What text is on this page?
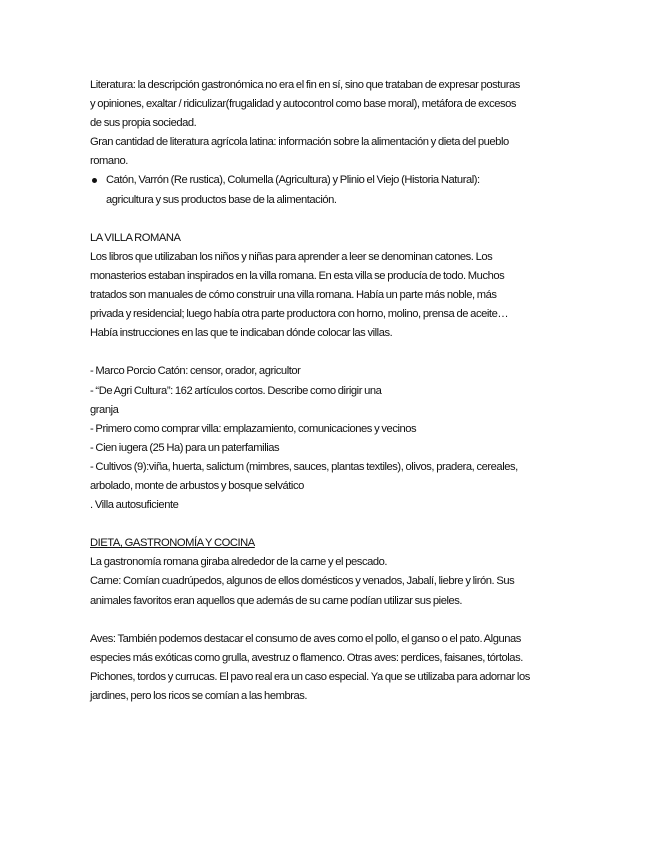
Literatura: la descripción gastronómica no era el fin en sí, sino que trataban de expresar posturas
y opiniones, exaltar / ridiculizar(frugalidad y autocontrol como base moral), metáfora de excesos
de sus propia sociedad.
Gran cantidad de literatura agrícola latina: información sobre la alimentación y dieta del pueblo
romano.
Catón, Varrón (Re rustica), Columella (Agricultura) y Plinio el Viejo (Historia Natural):
agricultura y sus productos base de la alimentación.
LA VILLA ROMANA
Los libros que utilizaban los niños y niñas para aprender a leer se denominan catones. Los
monasterios estaban inspirados en la villa romana. En esta villa se producía de todo. Muchos
tratados son manuales de cómo construir una villa romana. Había un parte más noble, más
privada y residencial; luego había otra parte productora con horno, molino, prensa de aceite…
Había instrucciones en las que te indicaban dónde colocar las villas.
- Marco Porcio Catón: censor, orador, agricultor
- “De Agri Cultura”: 162 artículos cortos. Describe como dirigir una
granja
- Primero como comprar villa: emplazamiento, comunicaciones y vecinos
- Cien iugera (25 Ha) para un paterfamilias
- Cultivos (9):viña, huerta, salictum (mimbres, sauces, plantas textiles), olivos, pradera, cereales,
arbolado, monte de arbustos y bosque selvático
. Villa autosuficiente
DIETA, GASTRONOMÍA Y COCINA
La gastronomía romana giraba alrededor de la carne y el pescado.
Carne: Comían cuadrúpedos, algunos de ellos domésticos y venados, Jabalí, liebre y lirón. Sus
animales favoritos eran aquellos que además de su carne podían utilizar sus pieles.
Aves: También podemos destacar el consumo de aves como el pollo, el ganso o el pato. Algunas
especies más exóticas como grulla, avestruz o flamenco. Otras aves: perdices, faisanes, tórtolas.
Pichones, tordos y currucas. El pavo real era un caso especial. Ya que se utilizaba para adornar los
jardines, pero los ricos se comían a las hembras.
